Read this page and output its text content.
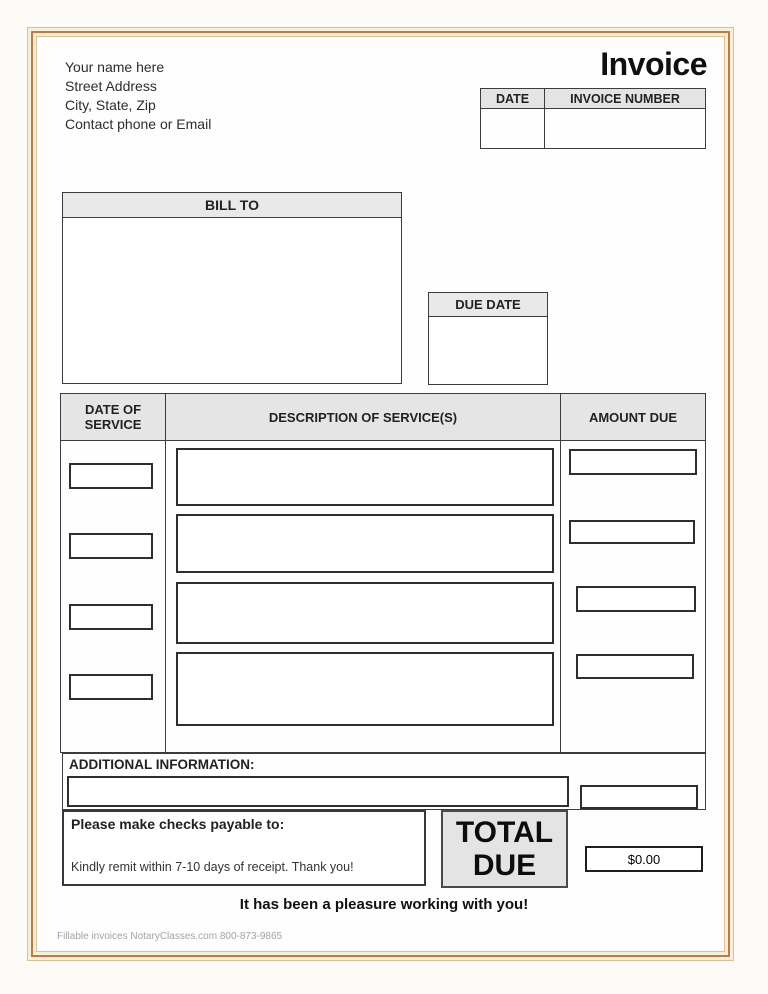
Your name here
Street Address
City, State, Zip
Contact phone or Email
Invoice
DATE	INVOICE NUMBER
BILL TO
DUE DATE
DATE OF SERVICE	DESCRIPTION OF SERVICE(S)	AMOUNT DUE
ADDITIONAL INFORMATION:
Please make checks payable to:
Kindly remit within 7-10 days of receipt. Thank you!
TOTAL
DUE
$0.00
It has been a pleasure working with you!
Fillable invoices NotaryClasses.com 800-873-9865
